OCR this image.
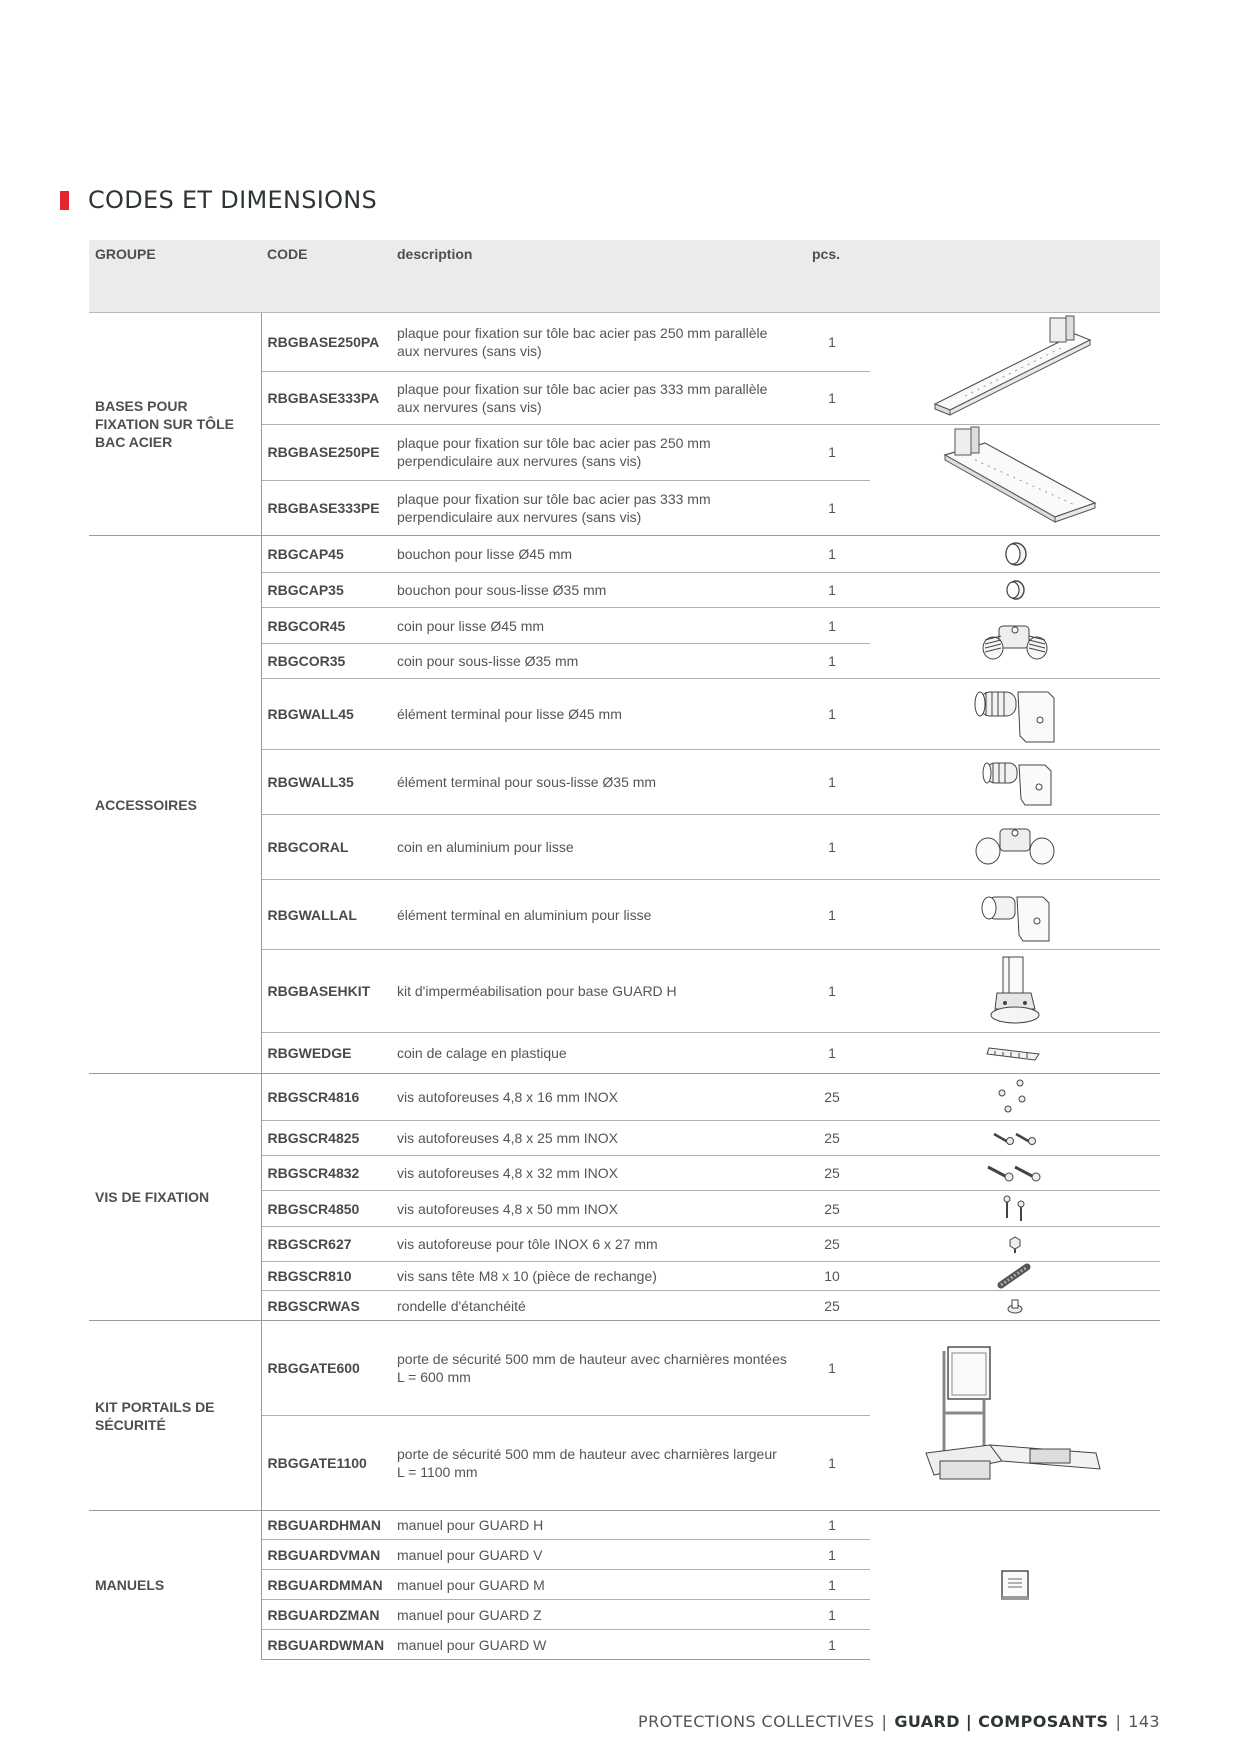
CODES ET DIMENSIONS
GROUPE	CODE	description	pcs.	
BASES POUR FIXATION SUR TÔLE BAC ACIER	RBGBASE250PA	plaque pour fixation sur tôle bac acier pas 250 mm parallèle aux nervures (sans vis)	1	

	RBGBASE333PA	plaque pour fixation sur tôle bac acier pas 333 mm parallèle aux nervures (sans vis)	1	
	RBGBASE250PE	plaque pour fixation sur tôle bac acier pas 250 mm perpendiculaire aux nervures (sans vis)	1	

	RBGBASE333PE	plaque pour fixation sur tôle bac acier pas 333 mm perpendiculaire aux nervures (sans vis)	1	
ACCESSOIRES	RBGCAP45	bouchon pour lisse Ø45 mm	1	

	RBGCAP35	bouchon pour sous-lisse Ø35 mm	1	

	RBGCOR45	coin pour lisse Ø45 mm	1	

	RBGCOR35	coin pour sous-lisse Ø35 mm	1	
	RBGWALL45	élément terminal pour lisse Ø45 mm	1	

	RBGWALL35	élément terminal pour sous-lisse Ø35 mm	1	

	RBGCORAL	coin en aluminium pour lisse	1	

	RBGWALLAL	élément terminal en aluminium pour lisse	1	

	RBGBASEHKIT	kit d'imperméabilisation pour base GUARD H	1	

	RBGWEDGE	coin de calage en plastique	1	

VIS DE FIXATION	RBGSCR4816	vis autoforeuses 4,8 x 16 mm INOX	25	

	RBGSCR4825	vis autoforeuses 4,8 x 25 mm INOX	25	

	RBGSCR4832	vis autoforeuses 4,8 x 32 mm INOX	25	

	RBGSCR4850	vis autoforeuses 4,8 x 50 mm INOX	25	

	RBGSCR627	vis autoforeuse pour tôle INOX 6 x 27 mm	25	

	RBGSCR810	vis sans tête M8 x 10 (pièce de rechange)	10	

	RBGSCRWAS	rondelle d'étanchéité	25	

KIT PORTAILS DE SÉCURITÉ	RBGGATE600	porte de sécurité 500 mm de hauteur avec charnières montées L = 600 mm	1	

	RBGGATE1100	porte de sécurité 500 mm de hauteur avec charnières largeur L = 1100 mm	1	
MANUELS	RBGUARDHMAN	manuel pour GUARD H	1	

	RBGUARDVMAN	manuel pour GUARD V	1	
	RBGUARDMMAN	manuel pour GUARD M	1	
	RBGUARDZMAN	manuel pour GUARD Z	1	
	RBGUARDWMAN	manuel pour GUARD W	1	
PROTECTIONS COLLECTIVES | GUARD | COMPOSANTS | 143
